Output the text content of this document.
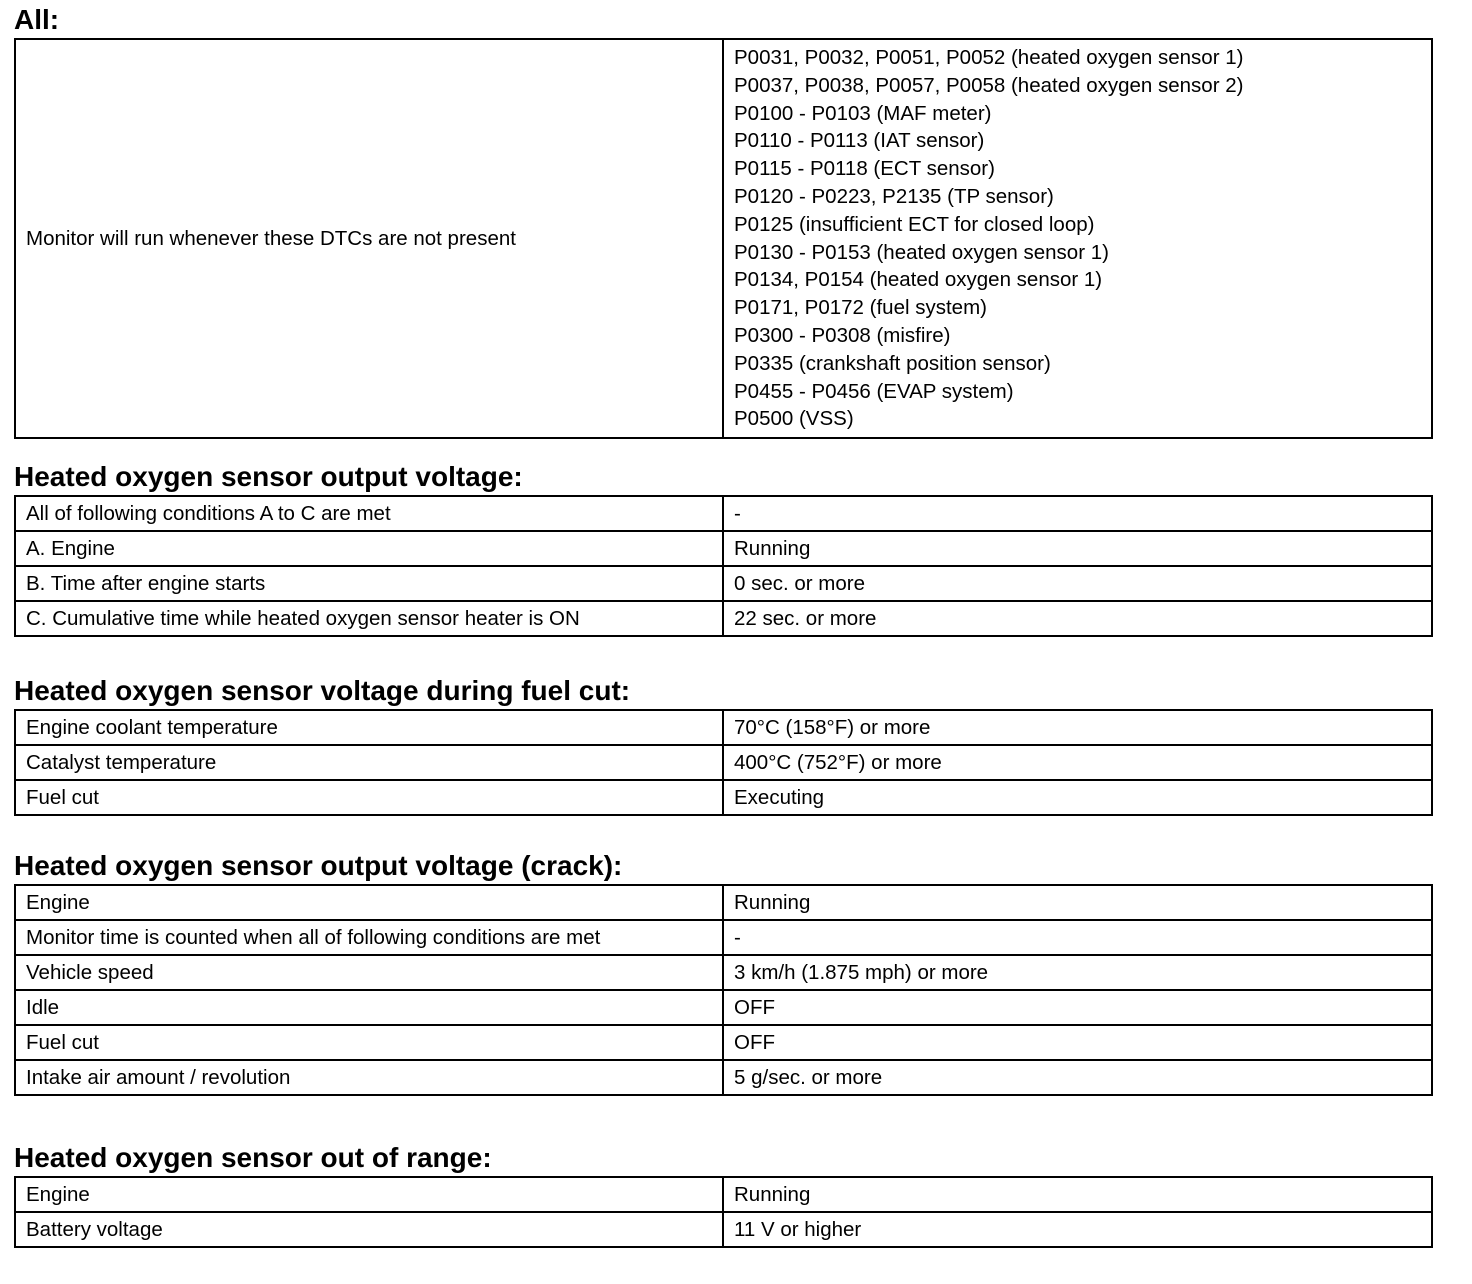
All:
Monitor will run whenever these DTCs are not present	
P0031, P0032, P0051, P0052 (heated oxygen sensor 1)
P0037, P0038, P0057, P0058 (heated oxygen sensor 2)
P0100 - P0103 (MAF meter)
P0110 - P0113 (IAT sensor)
P0115 - P0118 (ECT sensor)
P0120 - P0223, P2135 (TP sensor)
P0125 (insufficient ECT for closed loop)
P0130 - P0153 (heated oxygen sensor 1)
P0134, P0154 (heated oxygen sensor 1)
P0171, P0172 (fuel system)
P0300 - P0308 (misfire)
P0335 (crankshaft position sensor)
P0455 - P0456 (EVAP system)
P0500 (VSS)
Heated oxygen sensor output voltage:
All of following conditions A to C are met	-
A. Engine	Running
B. Time after engine starts	0 sec. or more
C. Cumulative time while heated oxygen sensor heater is ON	22 sec. or more
Heated oxygen sensor voltage during fuel cut:
Engine coolant temperature	70°C (158°F) or more
Catalyst temperature	400°C (752°F) or more
Fuel cut	Executing
Heated oxygen sensor output voltage (crack):
Engine	Running
Monitor time is counted when all of following conditions are met	-
Vehicle speed	3 km/h (1.875 mph) or more
Idle	OFF
Fuel cut	OFF
Intake air amount / revolution	5 g/sec. or more
Heated oxygen sensor out of range:
Engine	Running
Battery voltage	11 V or higher
